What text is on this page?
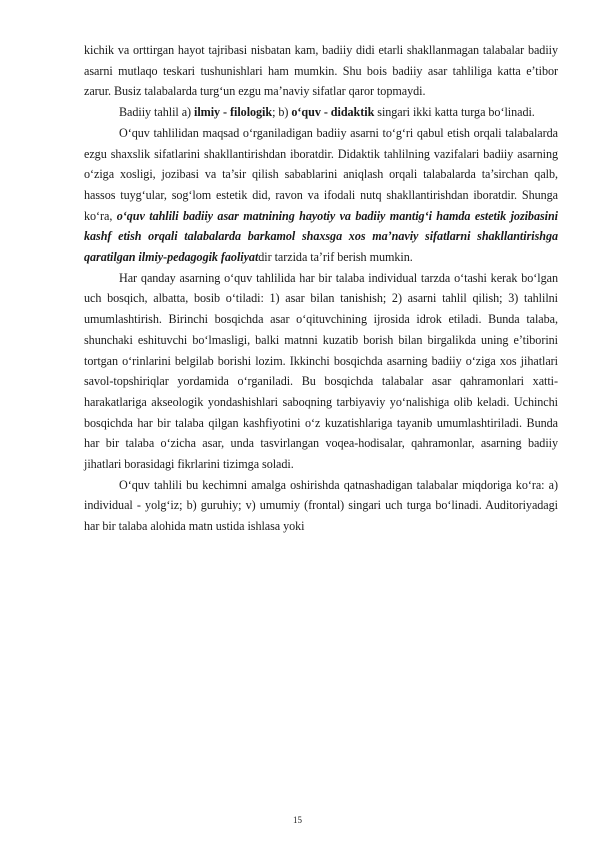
kichik va orttirgan hayot tajribasi nisbatan kam, badiiy didi etarli shakllanmagan talabalar badiiy asarni mutlaqo teskari tushunishlari ham mumkin. Shu bois badiiy asar tahliliga katta e’tibor zarur. Busiz talabalarda turg‘un ezgu ma’naviy sifatlar qaror topmaydi.

Badiiy tahlil a) ilmiy - filologik; b) o‘quv - didaktik singari ikki katta turga bo‘linadi.

O‘quv tahlilidan maqsad o‘rganiladigan badiiy asarni to‘g‘ri qabul etish orqali talabalarda ezgu shaxslik sifatlarini shakllantirishdan iboratdir. Didaktik tahlilning vazifalari badiiy asarning o‘ziga xosligi, jozibasi va ta’sir qilish sabablarini aniqlash orqali talabalarda ta’sirchan qalb, hassos tuyg‘ular, sog‘lom estetik did, ravon va ifodali nutq shakllantirishdan iboratdir. Shunga ko‘ra, o‘quv tahlili badiiy asar matnining hayotiy va badiiy mantig‘i hamda estetik jozibasini kashf etish orqali talabalarda barkamol shaxsga xos ma’naviy sifatlarni shakllantirishga qaratilgan ilmiy-pedagogik faoliyatdir tarzida ta’rif berish mumkin.

Har qanday asarning o‘quv tahlilida har bir talaba individual tarzda o‘tashi kerak bo‘lgan uch bosqich, albatta, bosib o‘tiladi: 1) asar bilan tanishish; 2) asarni tahlil qilish; 3) tahlilni umumlashtirish. Birinchi bosqichda asar o‘qituvchining ijrosida idrok etiladi. Bunda talaba, shunchaki eshituvchi bo‘lmasligi, balki matnni kuzatib borish bilan birgalikda uning e’tiborini tortgan o‘rinlarini belgilab borishi lozim. Ikkinchi bosqichda asarning badiiy o‘ziga xos jihatlari savol-topshiriqlar yordamida o‘rganiladi. Bu bosqichda talabalar asar qahramonlari xatti-harakatlariga akseologik yondashishlari saboqning tarbiyaviy yo‘nalishiga olib keladi. Uchinchi bosqichda har bir talaba qilgan kashfiyotini o‘z kuzatishlariga tayanib umumlashtiriladi. Bunda har bir talaba o‘zicha asar, unda tasvirlangan voqea-hodisalar, qahramonlar, asarning badiiy jihatlari borasidagi fikrlarini tizimga soladi.

O‘quv tahlili bu kechimni amalga oshirishda qatnashadigan talabalar miqdoriga ko‘ra: a) individual - yolg‘iz; b) guruhiy; v) umumiy (frontal) singari uch turga bo‘linadi. Auditoriyadagi har bir talaba alohida matn ustida ishlasa yoki

15
